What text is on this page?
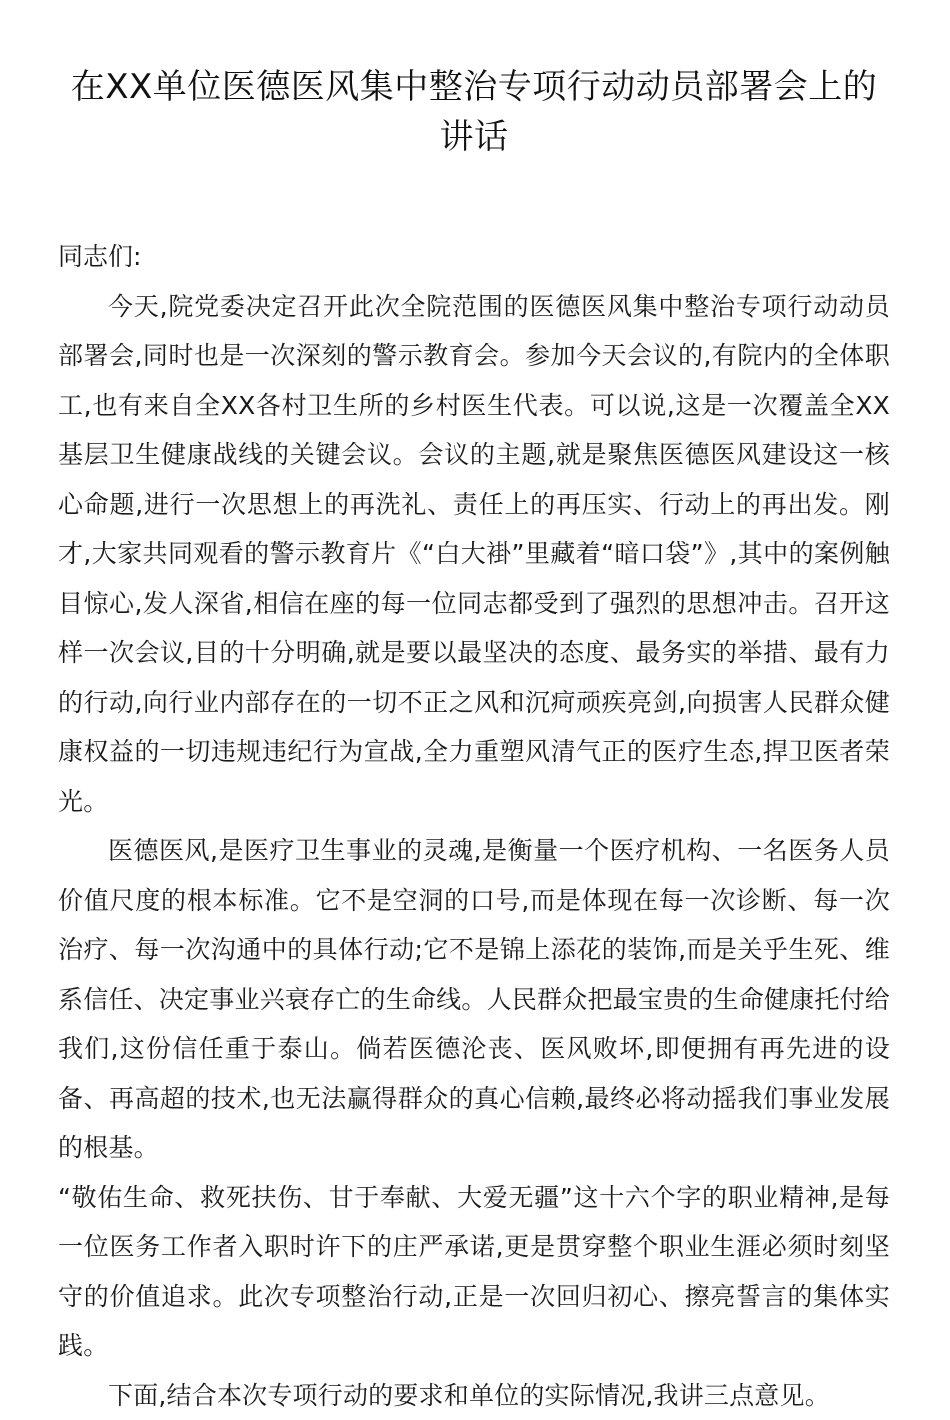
在XX单位医德医风集中整治专项行动动员部署会上的
讲话

同志们:

今天,院党委决定召开此次全院范围的医德医风集中整治专项行动动员部署会,同时也是一次深刻的警示教育会。参加今天会议的,有院内的全体职工,也有来自全XX各村卫生所的乡村医生代表。可以说,这是一次覆盖全XX基层卫生健康战线的关键会议。会议的主题,就是聚焦医德医风建设这一核心命题,进行一次思想上的再洗礼、责任上的再压实、行动上的再出发。刚才,大家共同观看的警示教育片《“白大褂”里藏着“暗口袋”》,其中的案例触目惊心,发人深省,相信在座的每一位同志都受到了强烈的思想冲击。召开这样一次会议,目的十分明确,就是要以最坚决的态度、最务实的举措、最有力的行动,向行业内部存在的一切不正之风和沉疴顽疾亮剑,向损害人民群众健康权益的一切违规违纪行为宣战,全力重塑风清气正的医疗生态,捍卫医者荣光。

医德医风,是医疗卫生事业的灵魂,是衡量一个医疗机构、一名医务人员价值尺度的根本标准。它不是空洞的口号,而是体现在每一次诊断、每一次治疗、每一次沟通中的具体行动;它不是锦上添花的装饰,而是关乎生死、维系信任、决定事业兴衰存亡的生命线。人民群众把最宝贵的生命健康托付给我们,这份信任重于泰山。倘若医德沦丧、医风败坏,即便拥有再先进的设备、再高超的技术,也无法赢得群众的真心信赖,最终必将动摇我们事业发展的根基。

“敬佑生命、救死扶伤、甘于奉献、大爱无疆”这十六个字的职业精神,是每一位医务工作者入职时许下的庄严承诺,更是贯穿整个职业生涯必须时刻坚守的价值追求。此次专项整治行动,正是一次回归初心、擦亮誓言的集体实践。

下面,结合本次专项行动的要求和单位的实际情况,我讲三点意见。
